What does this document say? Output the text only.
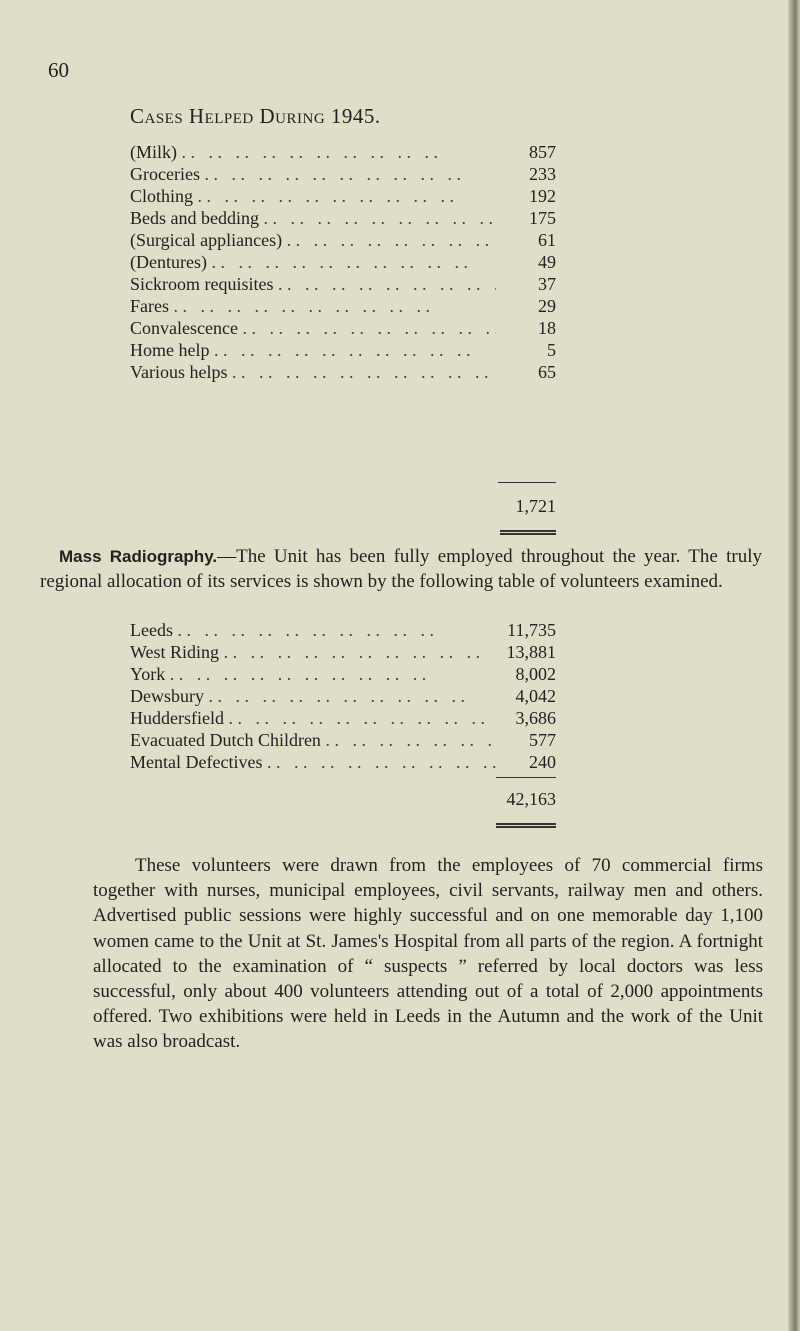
60
Cases Helped During 1945.
(Milk) . .	857
Groceries . .	233
Clothing . .	192
Beds and bedding . .	175
(Surgical appliances) . .	61
(Dentures) . .	49
Sickroom requisites . .	37
Fares . .	29
Convalescence . .	18
Home help . .	5
Various helps . .	65
1,721
Mass Radiography.—The Unit has been fully employed throughout the year. The truly regional allocation of its services is shown by the following table of volunteers examined.
Leeds . .	11,735
West Riding . .	13,881
York . .	8,002
Dewsbury . .	4,042
Huddersfield . .	3,686
Evacuated Dutch Children . .	577
Mental Defectives . .	240
42,163
These volunteers were drawn from the employees of 70 commercial firms together with nurses, municipal employees, civil servants, railway men and others. Advertised public sessions were highly successful and on one memorable day 1,100 women came to the Unit at St. James's Hospital from all parts of the region. A fortnight allocated to the examination of “ suspects ” referred by local doctors was less successful, only about 400 volunteers attending out of a total of 2,000 appointments offered. Two exhibitions were held in Leeds in the Autumn and the work of the Unit was also broadcast.
